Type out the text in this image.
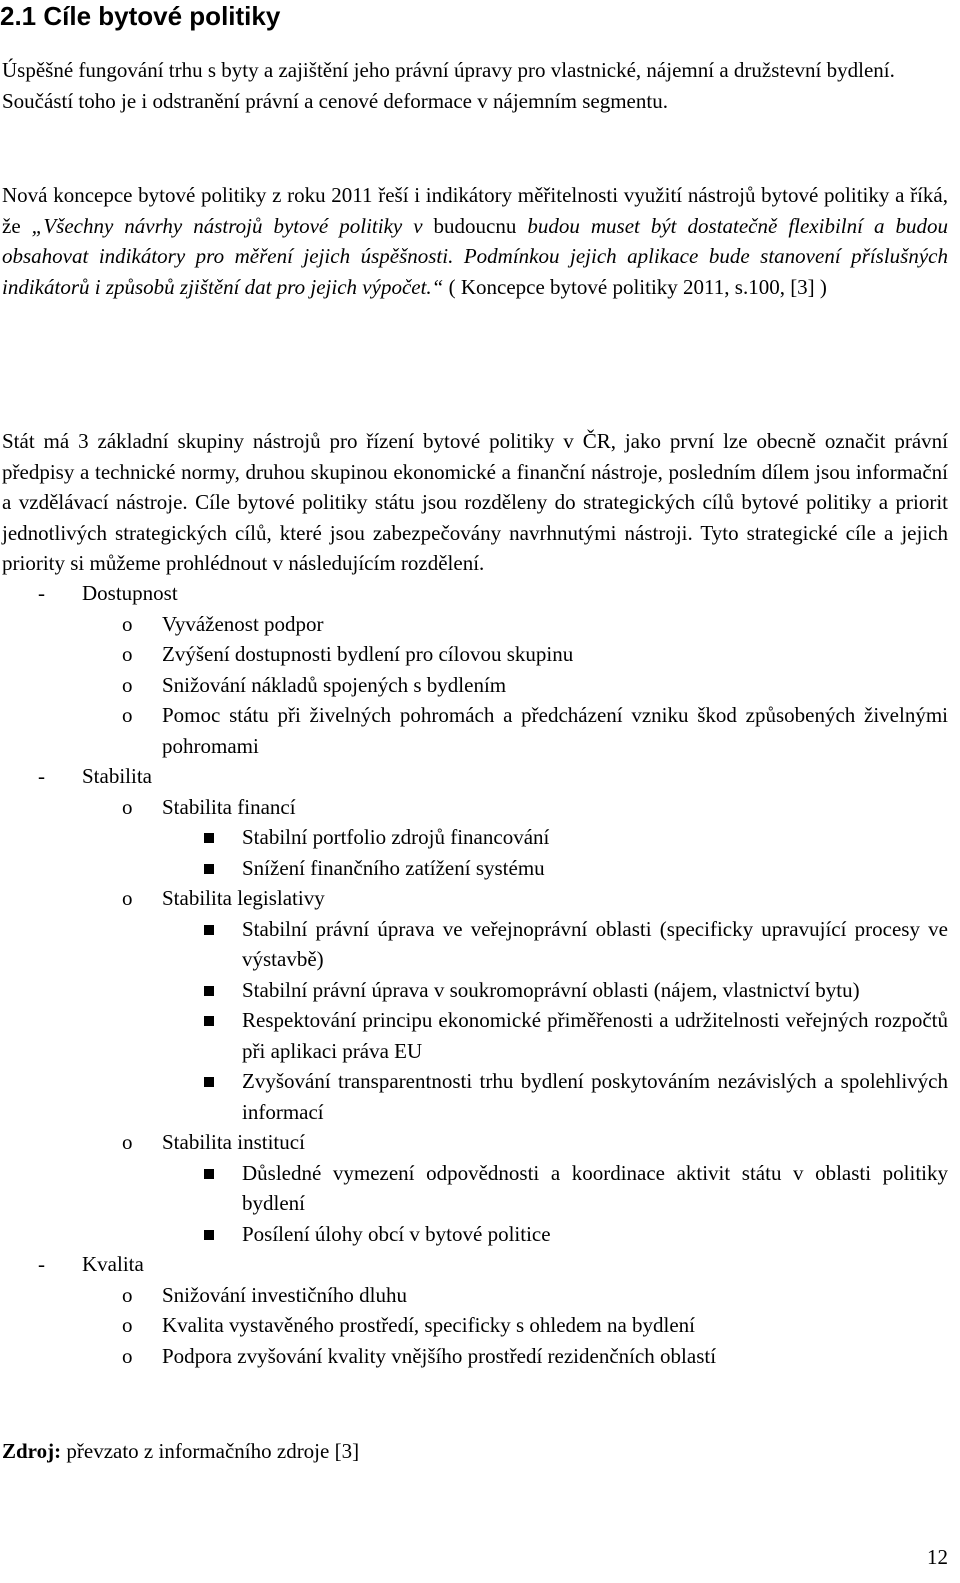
2.1 Cíle bytové politiky

Úspěšné fungování trhu s byty a zajištění jeho právní úpravy pro vlastnické, nájemní a družstevní bydlení. Součástí toho je i odstranění právní a cenové deformace v nájemním segmentu.

Nová koncepce bytové politiky z roku 2011 řeší i indikátory měřitelnosti využití nástrojů bytové politiky a říká, že „Všechny návrhy nástrojů bytové politiky v budoucnu budou muset být dostatečně flexibilní a budou obsahovat indikátory pro měření jejich úspěšnosti. Podmínkou jejich aplikace bude stanovení příslušných indikátorů i způsobů zjištění dat pro jejich výpočet.“ ( Koncepce bytové politiky 2011, s.100, [3] )

Stát má 3 základní skupiny nástrojů pro řízení bytové politiky v ČR, jako první lze obecně označit právní předpisy a technické normy, druhou skupinou ekonomické a finanční nástroje, posledním dílem jsou informační a vzdělávací nástroje. Cíle bytové politiky státu jsou rozděleny do strategických cílů bytové politiky a priorit jednotlivých strategických cílů, které jsou zabezpečovány navrhnutými nástroji. Tyto strategické cíle a jejich priority si můžeme prohlédnout v následujícím rozdělení.

- Dostupnost
o Vyváženost podpor
o Zvýšení dostupnosti bydlení pro cílovou skupinu
o Snižování nákladů spojených s bydlením
o Pomoc státu při živelných pohromách a předcházení vzniku škod způsobených živelnými pohromami
- Stabilita
o Stabilita financí
Stabilní portfolio zdrojů financování
Snížení finančního zatížení systému
o Stabilita legislativy
Stabilní právní úprava ve veřejnoprávní oblasti (specificky upravující procesy ve výstavbě)
Stabilní právní úprava v soukromoprávní oblasti (nájem, vlastnictví bytu)
Respektování principu ekonomické přiměřenosti a udržitelnosti veřejných rozpočtů při aplikaci práva EU
Zvyšování transparentnosti trhu bydlení poskytováním nezávislých a spolehlivých informací
o Stabilita institucí
Důsledné vymezení odpovědnosti a koordinace aktivit státu v oblasti politiky bydlení
Posílení úlohy obcí v bytové politice
- Kvalita
o Snižování investičního dluhu
o Kvalita vystavěného prostředí, specificky s ohledem na bydlení
o Podpora zvyšování kvality vnějšího prostředí rezidenčních oblastí
Zdroj: převzato z informačního zdroje [3]
12
